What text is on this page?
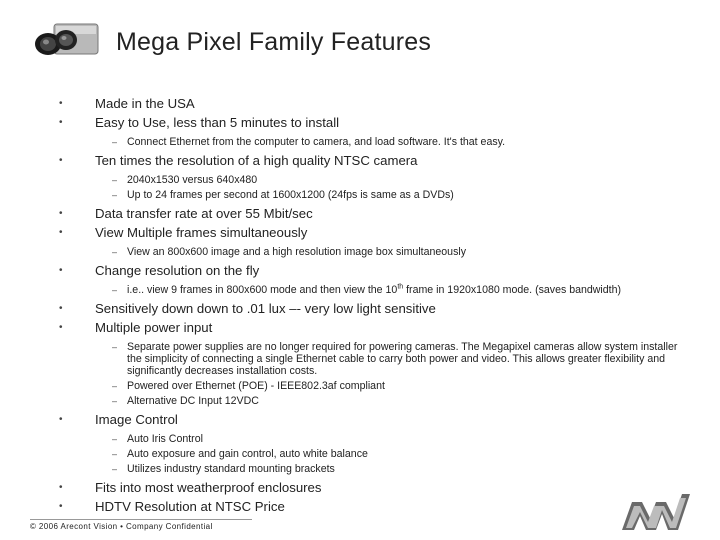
Mega Pixel Family Features
• Made in the USA
• Easy to Use, less than 5 minutes to install
– Connect Ethernet from the computer to camera, and load software. It's that easy.
• Ten times the resolution of a high quality NTSC camera
– 2040x1530 versus 640x480
– Up to 24 frames per second at 1600x1200 (24fps is same as a DVDs)
• Data transfer rate at over 55 Mbit/sec
• View Multiple frames simultaneously
– View an 800x600 image and a high resolution image box simultaneously
• Change resolution on the fly
– i.e.. view 9 frames in 800x600 mode and then view the 10th frame in 1920x1080 mode. (saves bandwidth)
• Sensitively down down to .01 lux –- very low light sensitive
• Multiple power input
– Separate power supplies are no longer required for powering cameras. The Megapixel cameras allow system installer the simplicity of connecting a single Ethernet cable to carry both power and video. This allows greater flexibility and significantly decreases installation costs.
– Powered over Ethernet (POE) - IEEE802.3af compliant
– Alternative DC Input 12VDC
• Image Control
– Auto Iris Control
– Auto exposure and gain control, auto white balance
– Utilizes industry standard mounting brackets
• Fits into most weatherproof enclosures
• HDTV Resolution at NTSC Price
© 2006 Arecont Vision • Company Confidential
